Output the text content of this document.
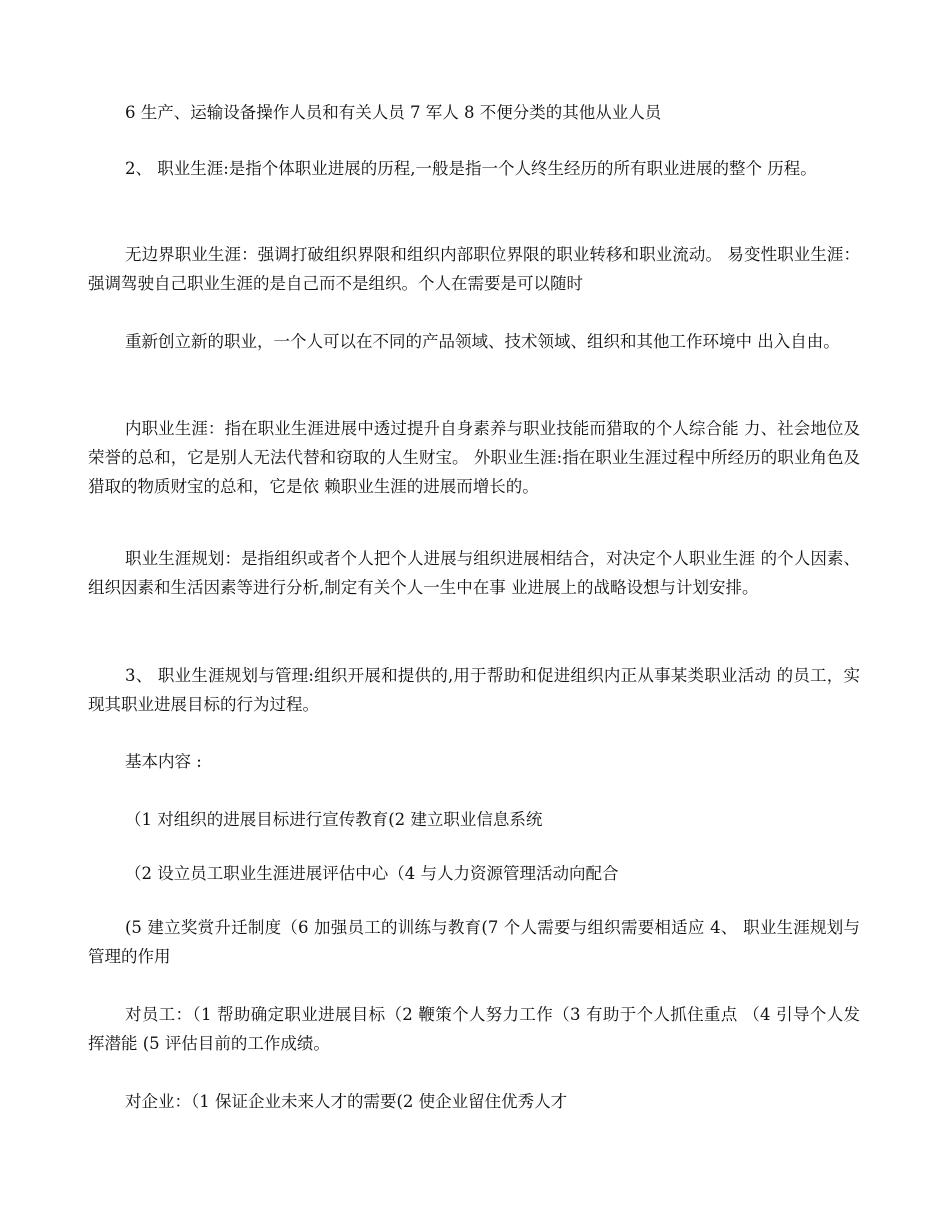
6 生产、运输设备操作人员和有关人员 7 军人 8 不便分类的其他从业人员

2、 职业生涯:是指个体职业进展的历程,一般是指一个人终生经历的所有职业进展的整个 历程。

无边界职业生涯：强调打破组织界限和组织内部职位界限的职业转移和职业流动。 易变性职业生涯：强调驾驶自己职业生涯的是自己而不是组织。个人在需要是可以随时

重新创立新的职业，一个人可以在不同的产品领域、技术领域、组织和其他工作环境中 出入自由。

内职业生涯：指在职业生涯进展中透过提升自身素养与职业技能而猎取的个人综合能 力、社会地位及荣誉的总和，它是别人无法代替和窃取的人生财宝。 外职业生涯:指在职业生涯过程中所经历的职业角色及猎取的物质财宝的总和，它是依 赖职业生涯的进展而增长的。

职业生涯规划：是指组织或者个人把个人进展与组织进展相结合，对决定个人职业生涯 的个人因素、组织因素和生活因素等进行分析,制定有关个人一生中在事 业进展上的战略设想与计划安排。

3、 职业生涯规划与管理:组织开展和提供的,用于帮助和促进组织内正从事某类职业活动 的员工，实现其职业进展目标的行为过程。

基本内容 :

（1 对组织的进展目标进行宣传教育(2 建立职业信息系统

（2 设立员工职业生涯进展评估中心（4 与人力资源管理活动向配合

(5 建立奖赏升迁制度（6 加强员工的训练与教育(7 个人需要与组织需要相适应 4、 职业生涯规划与管理的作用

对员工：（1 帮助确定职业进展目标（2 鞭策个人努力工作（3 有助于个人抓住重点 （4 引导个人发挥潜能 (5 评估目前的工作成绩。

对企业：（1 保证企业未来人才的需要(2 使企业留住优秀人才
